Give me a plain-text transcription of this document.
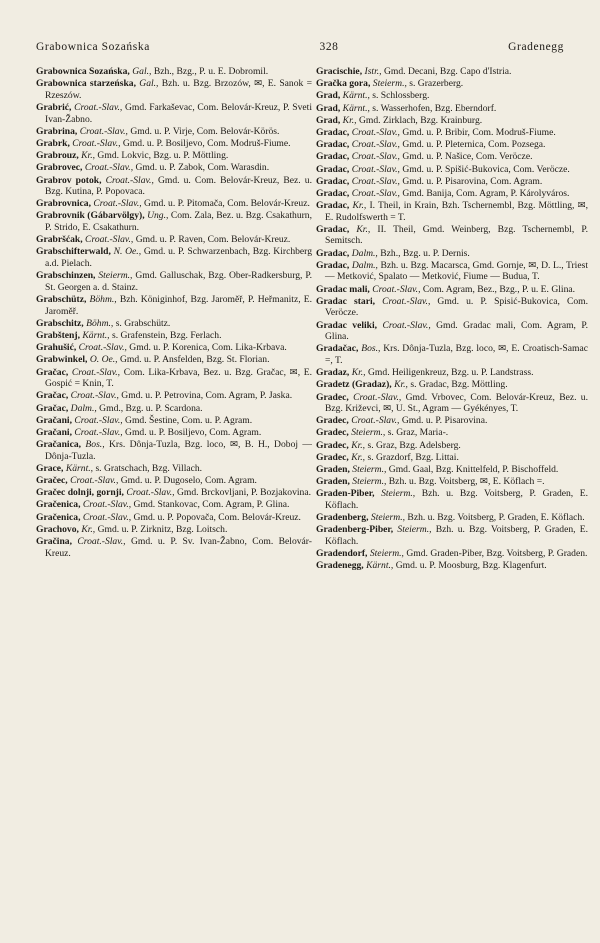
Grabownica Sozańska	328	Gradenegg

Grabownica Sozańska, Gal., Bzh., Bzg., P. u. E. Dobromil.

Grabownica starzeńska, Gal., Bzh. u. Bzg. Brzozów, ✉, E. Sanok = Rzeszów.

Grabrić, Croat.-Slav., Gmd. Farkaševac, Com. Belovár-Kreuz, P. Sveti Ivan-Žabno.

Grabrina, Croat.-Slav., Gmd. u. P. Virje, Com. Belovár-Körös.

Grabrk, Croat.-Slav., Gmd. u. P. Bosiljevo, Com. Modruš-Fiume.

Grabrouz, Kr., Gmd. Lokvic, Bzg. u. P. Möttling.

Grabrovec, Croat.-Slav., Gmd. u. P. Zabok, Com. Warasdin.

Grabrov potok, Croat.-Slav., Gmd. u. Com. Belovár-Kreuz, Bez. u. Bzg. Kutina, P. Popovaca.

Grabrovnica, Croat.-Slav., Gmd. u. P. Pitomača, Com. Belovár-Kreuz.

Grabrovnik (Gábarvölgy), Ung., Com. Zala, Bez. u. Bzg. Csakathurn, P. Strido, E. Csakathurn.

Grabršćak, Croat.-Slav., Gmd. u. P. Raven, Com. Belovár-Kreuz.

Grabschifterwald, N. Oe., Gmd. u. P. Schwarzenbach, Bzg. Kirchberg a.d. Pielach.

Grabschinzen, Steierm., Gmd. Galluschak, Bzg. Ober-Radkersburg, P. St. Georgen a. d. Stainz.

Grabschütz, Böhm., Bzh. Königinhof, Bzg. Jaroměř, P. Heřmanitz, E. Jaroměř.

Grabschitz, Böhm., s. Grabschütz.

Grabštenj, Kärnt., s. Grafenstein, Bzg. Ferlach.

Grahušić, Croat.-Slav., Gmd. u. P. Korenica, Com. Lika-Krbava.

Grabwinkel, O. Oe., Gmd. u. P. Ansfelden, Bzg. St. Florian.

Gračac, Croat.-Slav., Com. Lika-Krbava, Bez. u. Bzg. Gračac, ✉, E. Gospić = Knin, T.

Gračac, Croat.-Slav., Gmd. u. P. Petrovina, Com. Agram, P. Jaska.

Gračac, Dalm., Gmd., Bzg. u. P. Scardona.

Gračani, Croat.-Slav., Gmd. Šestine, Com. u. P. Agram.

Gračani, Croat.-Slav., Gmd. u. P. Bosiljevo, Com. Agram.

Gračanica, Bos., Krs. Dônja-Tuzla, Bzg. loco, ✉, B. H., Doboj — Dônja-Tuzla.

Grace, Kärnt., s. Gratschach, Bzg. Villach.

Gračec, Croat.-Slav., Gmd. u. P. Dugoselo, Com. Agram.

Gračec dolnji, gornji, Croat.-Slav., Gmd. Brckovljani, P. Bozjakovina.

Gračenica, Croat.-Slav., Gmd. Stankovac, Com. Agram, P. Glina.

Gračenica, Croat.-Slav., Gmd. u. P. Popovača, Com. Belovár-Kreuz.

Grachovo, Kr., Gmd. u. P. Zirknitz, Bzg. Loitsch.

Gračina, Croat.-Slav., Gmd. u. P. Sv. Ivan-Žabno, Com. Belovár-Kreuz.

Gracischie, Istr., Gmd. Decani, Bzg. Capo d'Istria.

Gračka gora, Steierm., s. Grazerberg.

Grad, Kärnt., s. Schlossberg.

Grad, Kärnt., s. Wasserhofen, Bzg. Eberndorf.

Grad, Kr., Gmd. Zirklach, Bzg. Krainburg.

Gradac, Croat.-Slav., Gmd. u. P. Bribir, Com. Modruš-Fiume.

Gradac, Croat.-Slav., Gmd. u. P. Pleternica, Com. Pozsega.

Gradac, Croat.-Slav., Gmd. u. P. Našice, Com. Veröcze.

Gradac, Croat.-Slav., Gmd. u. P. Spišić-Bukovica, Com. Veröcze.

Gradac, Croat.-Slav., Gmd. u. P. Pisarovina, Com. Agram.

Gradac, Croat.-Slav., Gmd. Banija, Com. Agram, P. Károlyváros.

Gradac, Kr., I. Theil, in Krain, Bzh. Tschernembl, Bzg. Möttling, ✉, E. Rudolfswerth = T.

Gradac, Kr., II. Theil, Gmd. Weinberg, Bzg. Tschernembl, P. Semitsch.

Gradac, Dalm., Bzh., Bzg. u. P. Dernis.

Gradac, Dalm., Bzh. u. Bzg. Macarsca, Gmd. Gornje, ✉, D. L., Triest — Metković, Spalato — Metković, Fiume — Buduа, T.

Gradac mali, Croat.-Slav., Com. Agram, Bez., Bzg., P. u. E. Glina.

Gradac stari, Croat.-Slav., Gmd. u. P. Spisić-Bukovica, Com. Veröcze.

Gradac veliki, Croat.-Slav., Gmd. Gradac mali, Com. Agram, P. Glina.

Gradačac, Bos., Krs. Dônja-Tuzla, Bzg. loco, ✉, E. Croatisch-Samac =, T.

Gradaz, Kr., Gmd. Heiligenkreuz, Bzg. u. P. Landstrass.

Gradetz (Gradaz), Kr., s. Gradac, Bzg. Möttling.

Gradec, Croat.-Slav., Gmd. Vrbovec, Com. Belovár-Kreuz, Bez. u. Bzg. Križevci, ✉, U. St., Agram — Gyékényes, T.

Gradec, Croat.-Slav., Gmd. u. P. Pisarovina.

Gradec, Steierm., s. Graz, Maria-.

Gradec, Kr., s. Graz, Bzg. Adelsberg.

Gradec, Kr., s. Grazdorf, Bzg. Littai.

Graden, Steierm., Gmd. Gaal, Bzg. Knittelfeld, P. Bischoffeld.

Graden, Steierm., Bzh. u. Bzg. Voitsberg, ✉, E. Köflach =.

Graden-Piber, Steierm., Bzh. u. Bzg. Voitsberg, P. Graden, E. Köflach.

Gradenberg, Steierm., Bzh. u. Bzg. Voitsberg, P. Graden, E. Köflach.

Gradenberg-Piber, Steierm., Bzh. u. Bzg. Voitsberg, P. Graden, E. Köflach.

Gradendorf, Steierm., Gmd. Graden-Piber, Bzg. Voitsberg, P. Graden.

Gradenegg, Kärnt., Gmd. u. P. Moosburg, Bzg. Klagenfurt.
